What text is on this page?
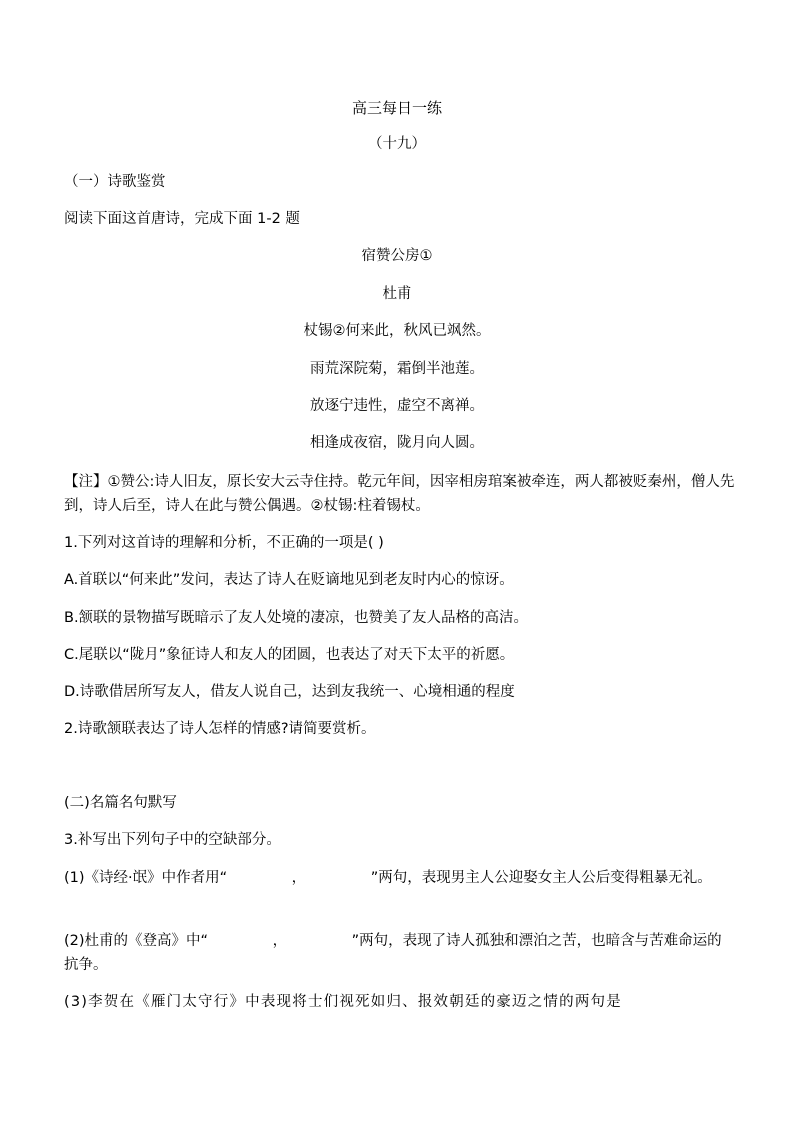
高三每日一练
（十九）
（一）诗歌鉴赏
阅读下面这首唐诗，完成下面 1-2 题
宿赞公房①
杜甫
杖锡②何来此，秋风已飒然。
雨荒深院菊，霜倒半池莲。
放逐宁违性，虚空不离禅。
相逢成夜宿，陇月向人圆。
【注】①赞公:诗人旧友，原长安大云寺住持。乾元年间，因宰相房琯案被牵连，两人都被贬秦州，僧人先到，诗人后至，诗人在此与赞公偶遇。②杖锡:柱着锡杖。
1.下列对这首诗的理解和分析，不正确的一项是( )
A.首联以“何来此”发问，表达了诗人在贬谪地见到老友时内心的惊讶。
B.颔联的景物描写既暗示了友人处境的凄凉，也赞美了友人品格的高洁。
C.尾联以“陇月”象征诗人和友人的团圆，也表达了对天下太平的祈愿。
D.诗歌借居所写友人，借友人说自己，达到友我统一、心境相通的程度
2.诗歌颔联表达了诗人怎样的情感?请简要赏析。
(二)名篇名句默写
3.补写出下列句子中的空缺部分。
(1)《诗经·氓》中作者用“              ，              ”两句，表现男主人公迎娶女主人公后变得粗暴无礼。
(2)杜甫的《登高》中“              ，              ”两句，表现了诗人孤独和漂泊之苦，也暗含与苦难命运的抗争。
(3)李贺在《雁门太守行》中表现将士们视死如归、报效朝廷的豪迈之情的两句是
